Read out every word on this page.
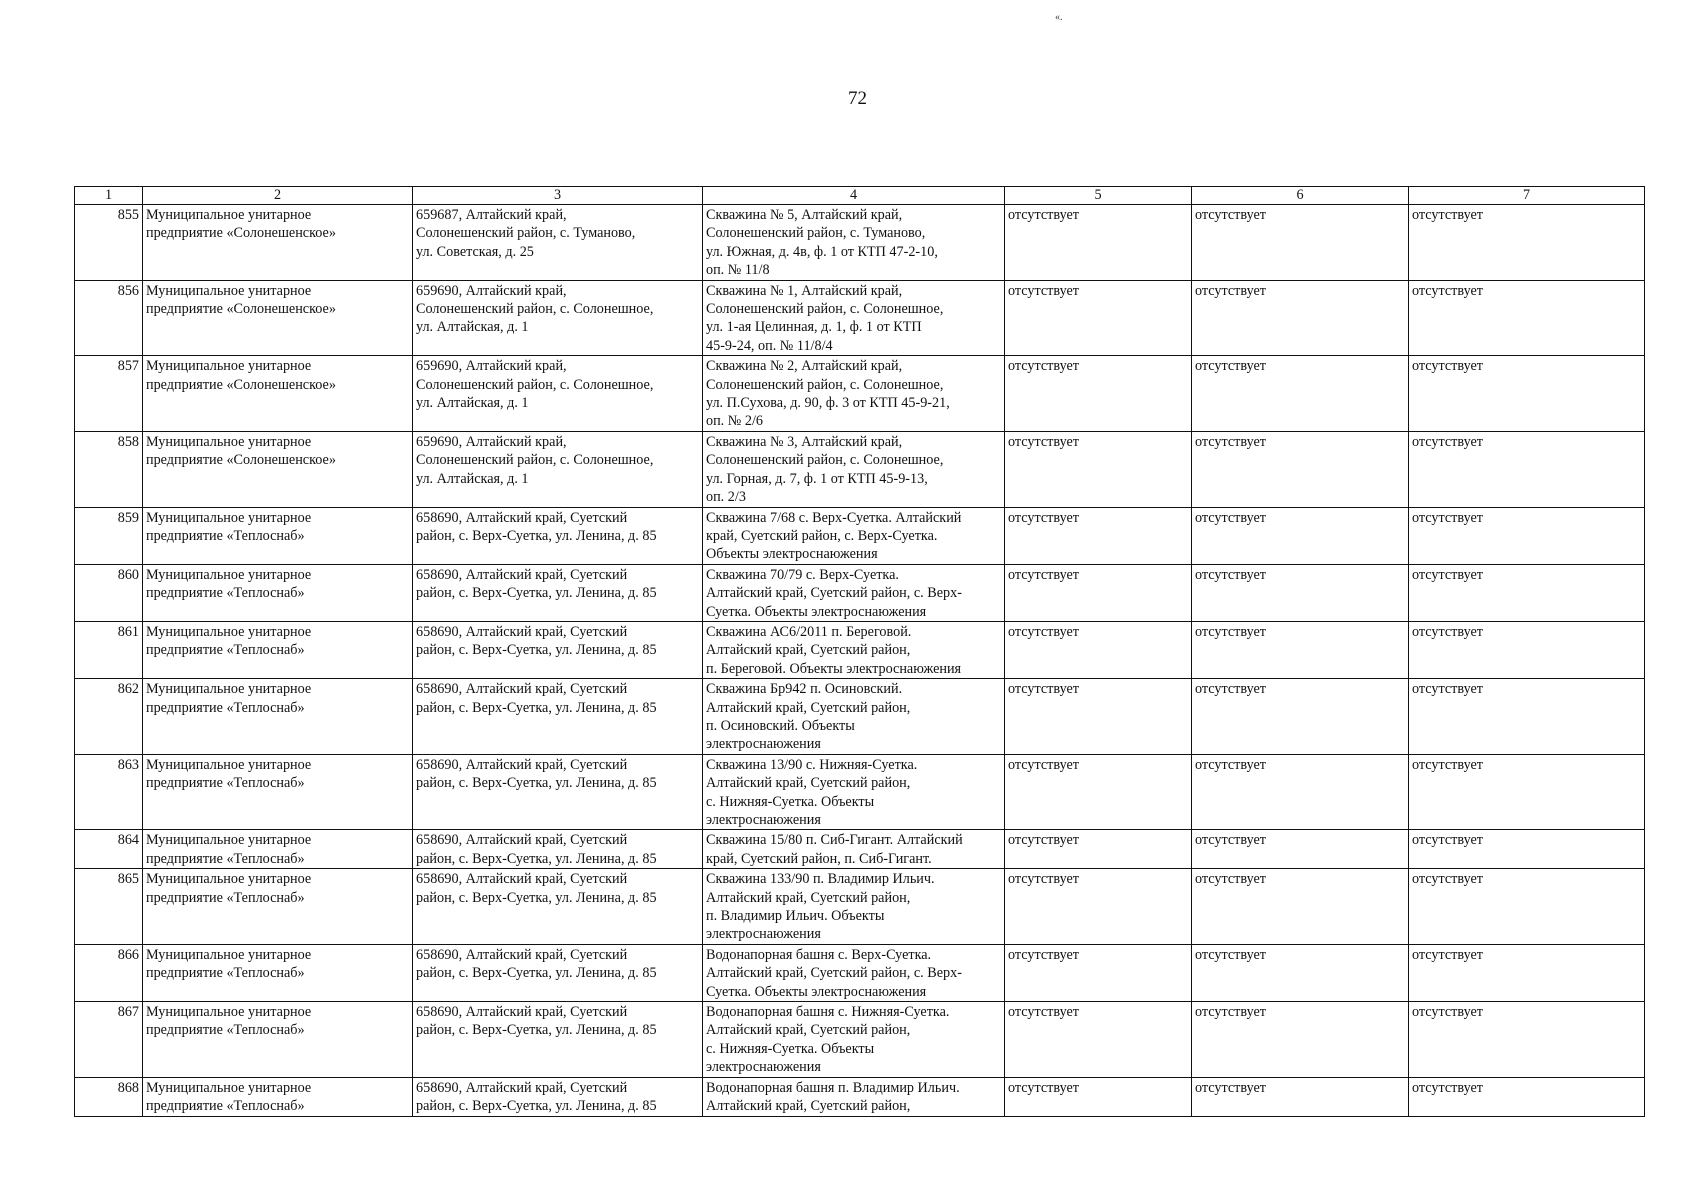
«.
72
1	2	3	4	5	6	7
855	Муниципальное унитарное
предприятие «Солонешенское»	659687, Алтайский край,
Солонешенский район, с. Туманово,
ул. Советская, д. 25	Скважина № 5, Алтайский край,
Солонешенский район, с. Туманово,
ул. Южная, д. 4в, ф. 1 от КТП 47-2-10,
оп. № 11/8	отсутствует	отсутствует	отсутствует
856	Муниципальное унитарное
предприятие «Солонешенское»	659690, Алтайский край,
Солонешенский район, с. Солонешное,
ул. Алтайская, д. 1	Скважина № 1, Алтайский край,
Солонешенский район, с. Солонешное,
ул. 1-ая Целинная, д. 1, ф. 1 от КТП
45-9-24, оп. № 11/8/4	отсутствует	отсутствует	отсутствует
857	Муниципальное унитарное
предприятие «Солонешенское»	659690, Алтайский край,
Солонешенский район, с. Солонешное,
ул. Алтайская, д. 1	Скважина № 2, Алтайский край,
Солонешенский район, с. Солонешное,
ул. П.Сухова, д. 90, ф. 3 от КТП 45-9-21,
оп. № 2/6	отсутствует	отсутствует	отсутствует
858	Муниципальное унитарное
предприятие «Солонешенское»	659690, Алтайский край,
Солонешенский район, с. Солонешное,
ул. Алтайская, д. 1	Скважина № 3, Алтайский край,
Солонешенский район, с. Солонешное,
ул. Горная, д. 7, ф. 1 от КТП 45-9-13,
оп. 2/3	отсутствует	отсутствует	отсутствует
859	Муниципальное унитарное
предприятие «Теплоснаб»	658690, Алтайский край, Суетский
район, с. Верх-Суетка, ул. Ленина, д. 85	Скважина 7/68 с. Верх-Суетка. Алтайский
край, Суетский район, с. Верх-Суетка.
Объекты электроснаюжения	отсутствует	отсутствует	отсутствует
860	Муниципальное унитарное
предприятие «Теплоснаб»	658690, Алтайский край, Суетский
район, с. Верх-Суетка, ул. Ленина, д. 85	Скважина 70/79 с. Верх-Суетка.
Алтайский край, Суетский район, с. Верх-
Суетка. Объекты электроснаюжения	отсутствует	отсутствует	отсутствует
861	Муниципальное унитарное
предприятие «Теплоснаб»	658690, Алтайский край, Суетский
район, с. Верх-Суетка, ул. Ленина, д. 85	Скважина АС6/2011 п. Береговой.
Алтайский край, Суетский район,
п. Береговой. Объекты электроснаюжения	отсутствует	отсутствует	отсутствует
862	Муниципальное унитарное
предприятие «Теплоснаб»	658690, Алтайский край, Суетский
район, с. Верх-Суетка, ул. Ленина, д. 85	Скважина Бр942 п. Осиновский.
Алтайский край, Суетский район,
п. Осиновский. Объекты
электроснаюжения	отсутствует	отсутствует	отсутствует
863	Муниципальное унитарное
предприятие «Теплоснаб»	658690, Алтайский край, Суетский
район, с. Верх-Суетка, ул. Ленина, д. 85	Скважина 13/90 с. Нижняя-Суетка.
Алтайский край, Суетский район,
с. Нижняя-Суетка. Объекты
электроснаюжения	отсутствует	отсутствует	отсутствует
864	Муниципальное унитарное
предприятие «Теплоснаб»	658690, Алтайский край, Суетский
район, с. Верх-Суетка, ул. Ленина, д. 85	Скважина 15/80 п. Сиб-Гигант. Алтайский
край, Суетский район, п. Сиб-Гигант.	отсутствует	отсутствует	отсутствует
865	Муниципальное унитарное
предприятие «Теплоснаб»	658690, Алтайский край, Суетский
район, с. Верх-Суетка, ул. Ленина, д. 85	Скважина 133/90 п. Владимир Ильич.
Алтайский край, Суетский район,
п. Владимир Ильич. Объекты
электроснаюжения	отсутствует	отсутствует	отсутствует
866	Муниципальное унитарное
предприятие «Теплоснаб»	658690, Алтайский край, Суетский
район, с. Верх-Суетка, ул. Ленина, д. 85	Водонапорная башня с. Верх-Суетка.
Алтайский край, Суетский район, с. Верх-
Суетка. Объекты электроснаюжения	отсутствует	отсутствует	отсутствует
867	Муниципальное унитарное
предприятие «Теплоснаб»	658690, Алтайский край, Суетский
район, с. Верх-Суетка, ул. Ленина, д. 85	Водонапорная башня с. Нижняя-Суетка.
Алтайский край, Суетский район,
с. Нижняя-Суетка. Объекты
электроснаюжения	отсутствует	отсутствует	отсутствует
868	Муниципальное унитарное
предприятие «Теплоснаб»	658690, Алтайский край, Суетский
район, с. Верх-Суетка, ул. Ленина, д. 85	Водонапорная башня п. Владимир Ильич.
Алтайский край, Суетский район,	отсутствует	отсутствует	отсутствует
